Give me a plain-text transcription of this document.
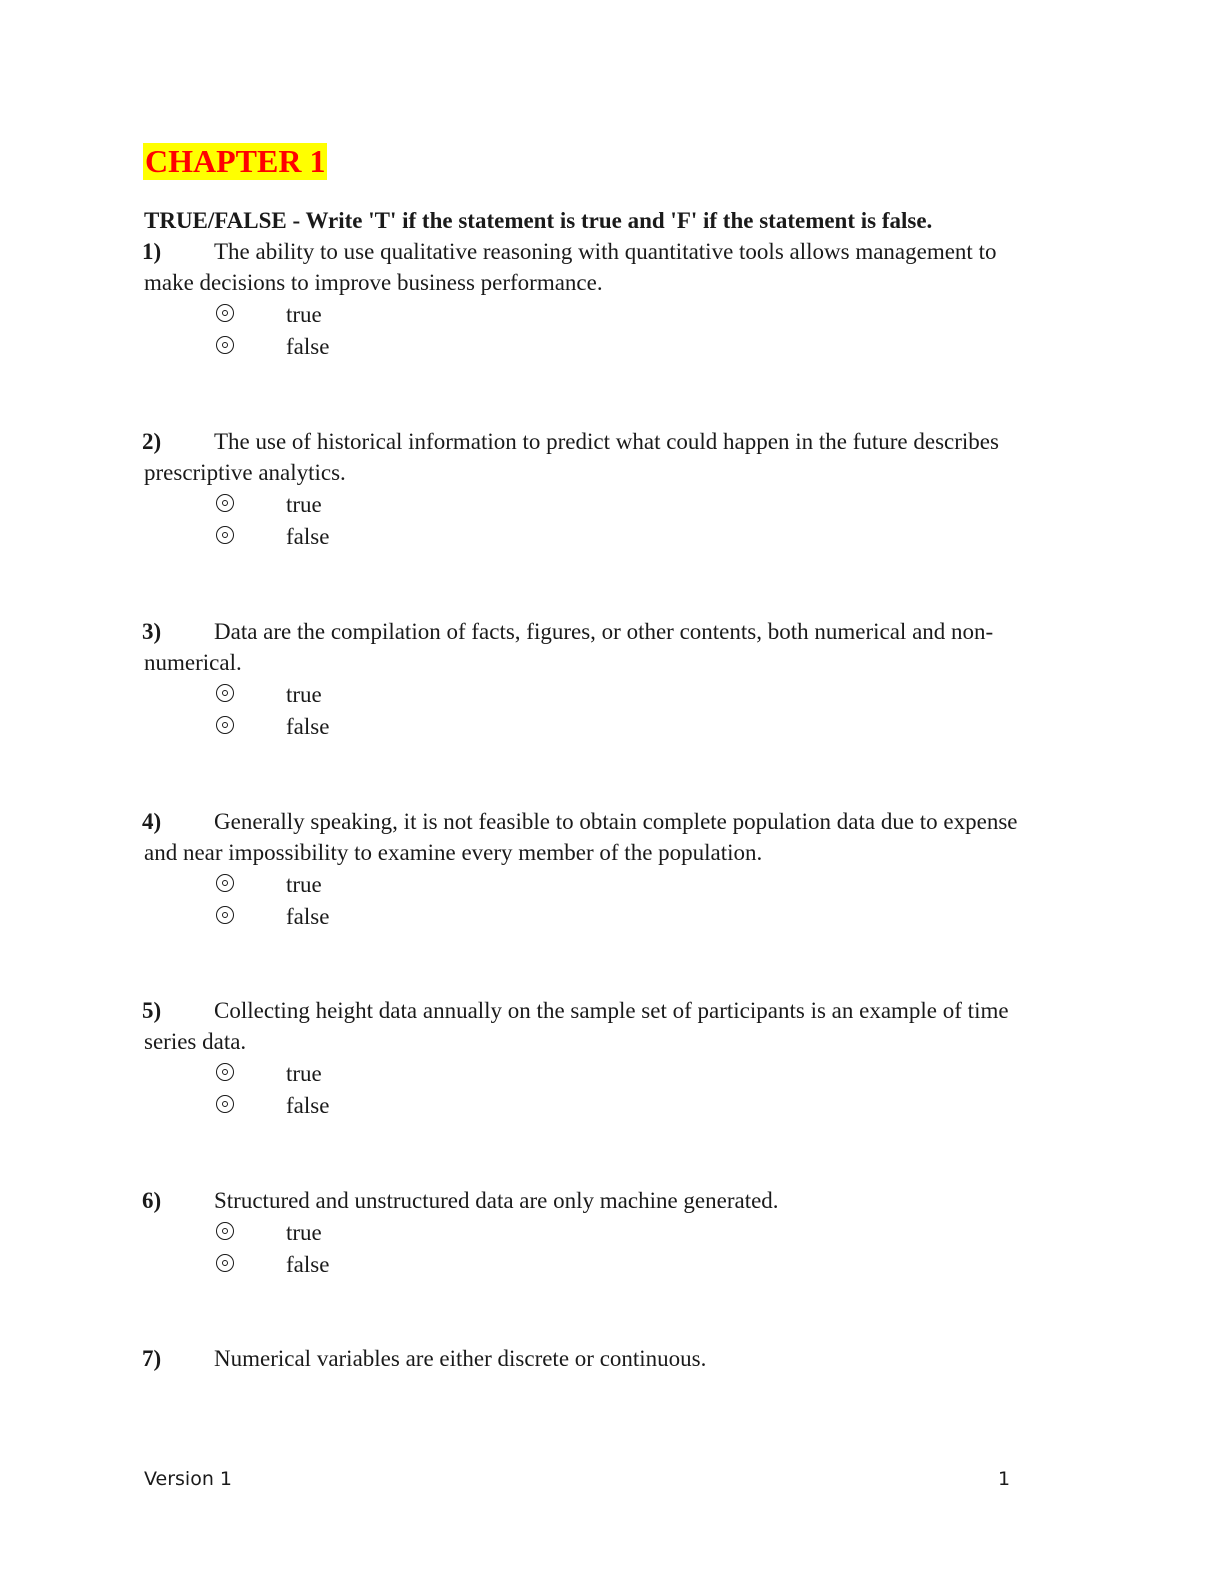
CHAPTER 1

TRUE/FALSE - Write 'T' if the statement is true and 'F' if the statement is false.

1) The ability to use qualitative reasoning with quantitative tools allows management to make decisions to improve business performance.

true
false

2) The use of historical information to predict what could happen in the future describes prescriptive analytics.

true
false

3) Data are the compilation of facts, figures, or other contents, both numerical and non-numerical.

true
false

4) Generally speaking, it is not feasible to obtain complete population data due to expense and near impossibility to examine every member of the population.

true
false

5) Collecting height data annually on the sample set of participants is an example of time series data.

true
false

6) Structured and unstructured data are only machine generated.

true
false

7) Numerical variables are either discrete or continuous.

Version 1	1
